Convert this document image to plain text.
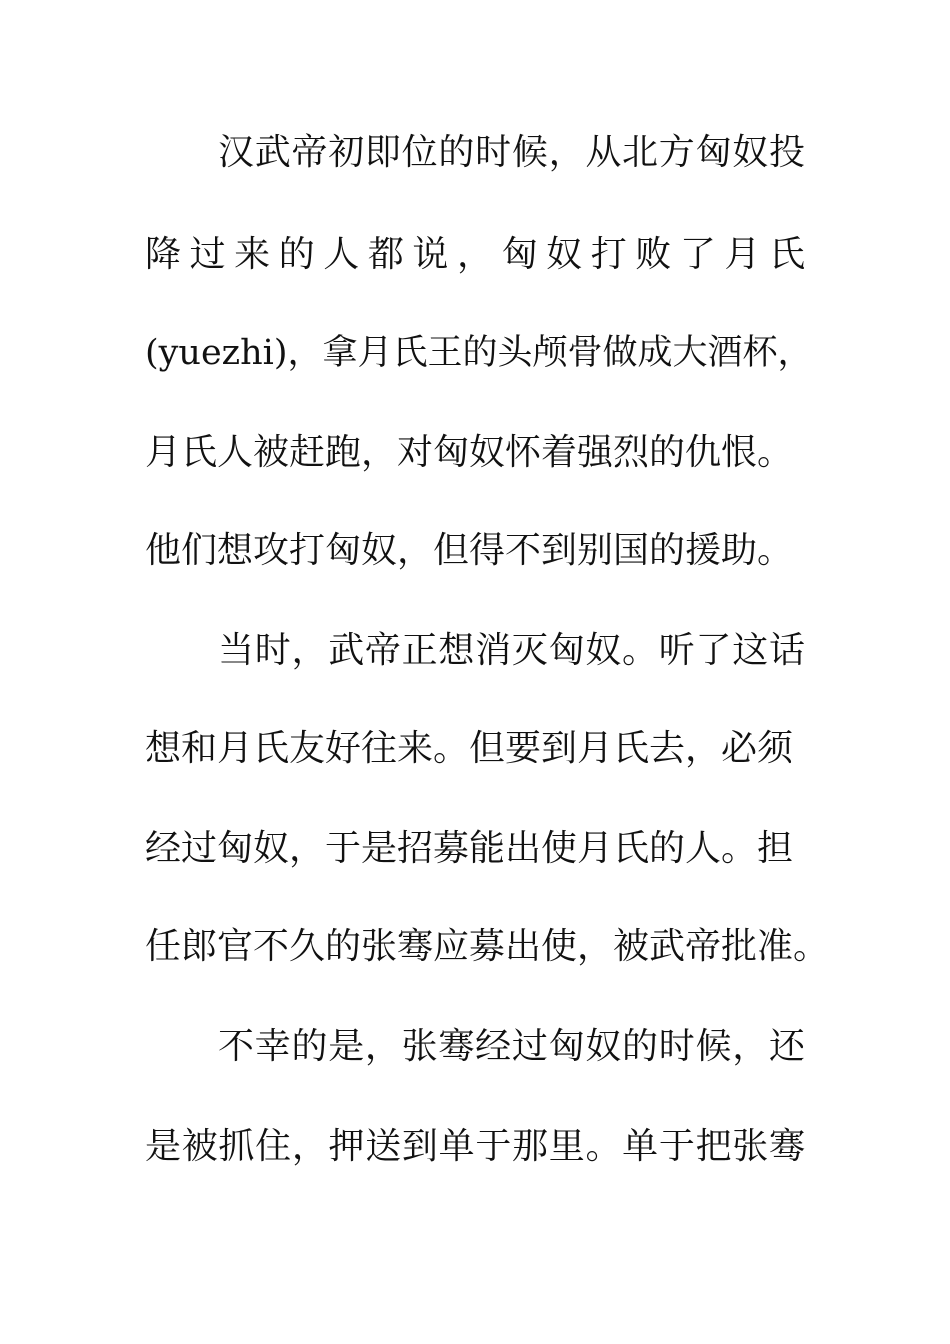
汉武帝初即位的时候，从北方匈奴投

降过来的人都说，匈奴打败了月氏

(yuezhi)，拿月氏王的头颅骨做成大酒杯，

月氏人被赶跑，对匈奴怀着强烈的仇恨。

他们想攻打匈奴，但得不到别国的援助。

当时，武帝正想消灭匈奴。听了这话

想和月氏友好往来。但要到月氏去，必须

经过匈奴，于是招募能出使月氏的人。担

任郎官不久的张骞应募出使，被武帝批准。

不幸的是，张骞经过匈奴的时候，还

是被抓住，押送到单于那里。单于把张骞
